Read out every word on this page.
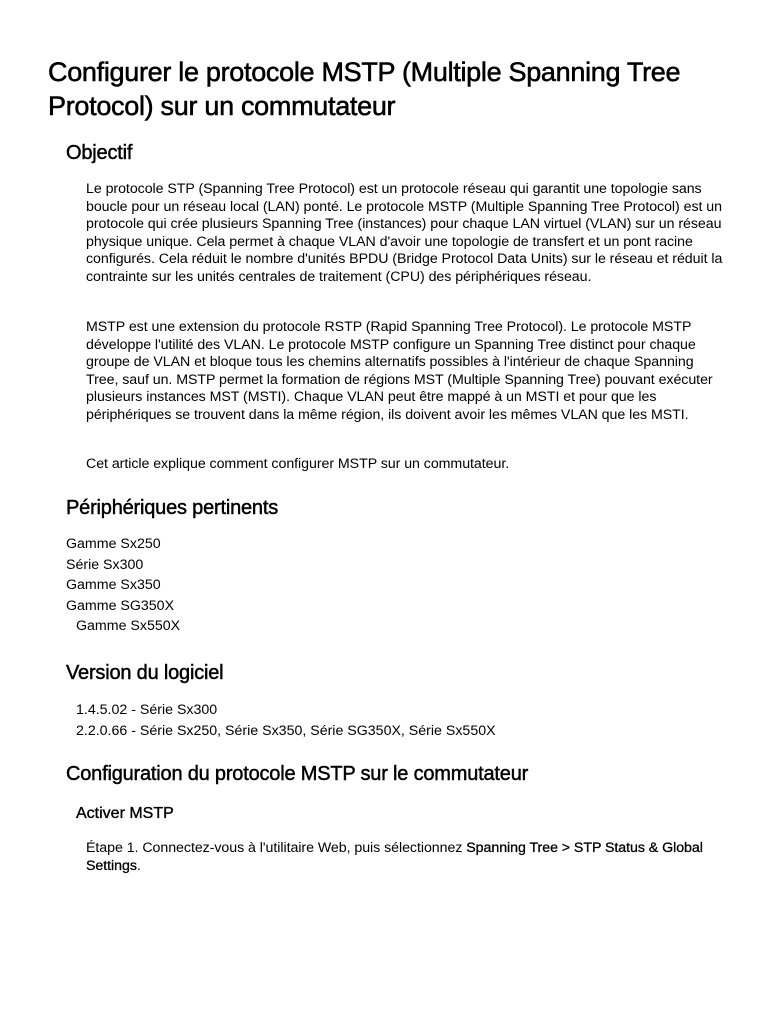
Configurer le protocole MSTP (Multiple Spanning Tree Protocol) sur un commutateur
Objectif

Le protocole STP (Spanning Tree Protocol) est un protocole réseau qui garantit une topologie sans boucle pour un réseau local (LAN) ponté. Le protocole MSTP (Multiple Spanning Tree Protocol) est un protocole qui crée plusieurs Spanning Tree (instances) pour chaque LAN virtuel (VLAN) sur un réseau physique unique. Cela permet à chaque VLAN d'avoir une topologie de transfert et un pont racine configurés. Cela réduit le nombre d'unités BPDU (Bridge Protocol Data Units) sur le réseau et réduit la contrainte sur les unités centrales de traitement (CPU) des périphériques réseau.

MSTP est une extension du protocole RSTP (Rapid Spanning Tree Protocol). Le protocole MSTP développe l'utilité des VLAN. Le protocole MSTP configure un Spanning Tree distinct pour chaque groupe de VLAN et bloque tous les chemins alternatifs possibles à l'intérieur de chaque Spanning Tree, sauf un. MSTP permet la formation de régions MST (Multiple Spanning Tree) pouvant exécuter plusieurs instances MST (MSTI). Chaque VLAN peut être mappé à un MSTI et pour que les périphériques se trouvent dans la même région, ils doivent avoir les mêmes VLAN que les MSTI.

Cet article explique comment configurer MSTP sur un commutateur.

Périphériques pertinents
Gamme Sx250
Série Sx300
Gamme Sx350
Gamme SG350X
Gamme Sx550X
Version du logiciel
1.4.5.02 - Série Sx300
2.2.0.66 - Série Sx250, Série Sx350, Série SG350X, Série Sx550X
Configuration du protocole MSTP sur le commutateur
Activer MSTP

Étape 1. Connectez-vous à l'utilitaire Web, puis sélectionnez Spanning Tree > STP Status & Global Settings.
